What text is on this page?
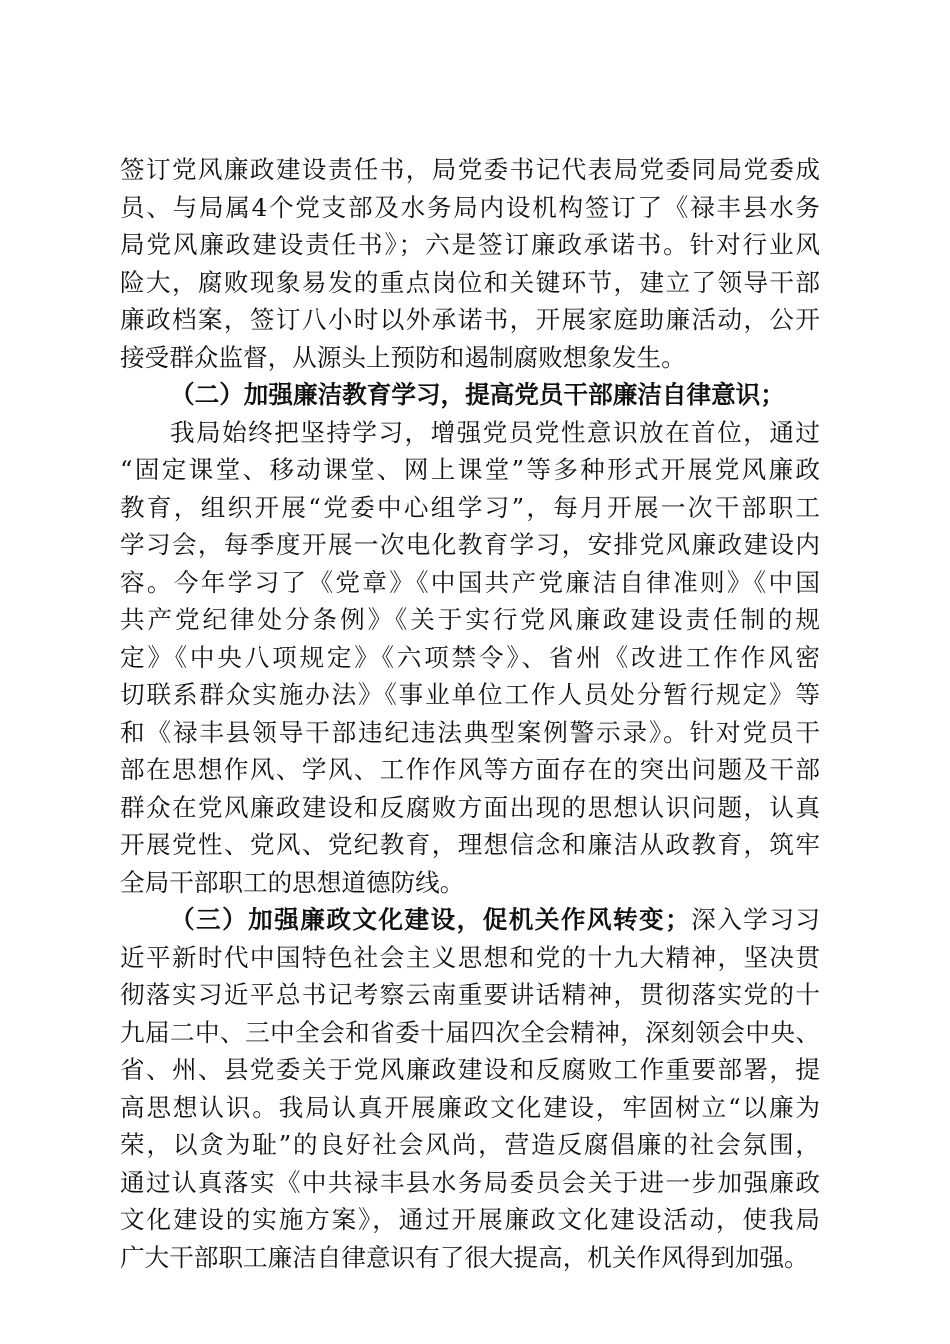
签订党风廉政建设责任书，局党委书记代表局党委同局党委成
员、与局属4个党支部及水务局内设机构签订了《禄丰县水务
局党风廉政建设责任书》；六是签订廉政承诺书。针对行业风
险大，腐败现象易发的重点岗位和关键环节，建立了领导干部
廉政档案，签订八小时以外承诺书，开展家庭助廉活动，公开
接受群众监督，从源头上预防和遏制腐败想象发生。
（二）加强廉洁教育学习，提高党员干部廉洁自律意识；
我局始终把坚持学习，增强党员党性意识放在首位，通过
“固定课堂、移动课堂、网上课堂”等多种形式开展党风廉政
教育，组织开展“党委中心组学习”，每月开展一次干部职工
学习会，每季度开展一次电化教育学习，安排党风廉政建设内
容。今年学习了《党章》《中国共产党廉洁自律准则》《中国
共产党纪律处分条例》《关于实行党风廉政建设责任制的规
定》《中央八项规定》《六项禁令》、省州《改进工作作风密
切联系群众实施办法》《事业单位工作人员处分暂行规定》等
和《禄丰县领导干部违纪违法典型案例警示录》。针对党员干
部在思想作风、学风、工作作风等方面存在的突出问题及干部
群众在党风廉政建设和反腐败方面出现的思想认识问题，认真
开展党性、党风、党纪教育，理想信念和廉洁从政教育，筑牢
全局干部职工的思想道德防线。
（三）加强廉政文化建设，促机关作风转变；深入学习习
近平新时代中国特色社会主义思想和党的十九大精神，坚决贯
彻落实习近平总书记考察云南重要讲话精神，贯彻落实党的十
九届二中、三中全会和省委十届四次全会精神，深刻领会中央、
省、州、县党委关于党风廉政建设和反腐败工作重要部署，提
高思想认识。我局认真开展廉政文化建设，牢固树立“以廉为
荣，以贪为耻”的良好社会风尚，营造反腐倡廉的社会氛围，
通过认真落实《中共禄丰县水务局委员会关于进一步加强廉政
文化建设的实施方案》，通过开展廉政文化建设活动，使我局
广大干部职工廉洁自律意识有了很大提高，机关作风得到加强。
